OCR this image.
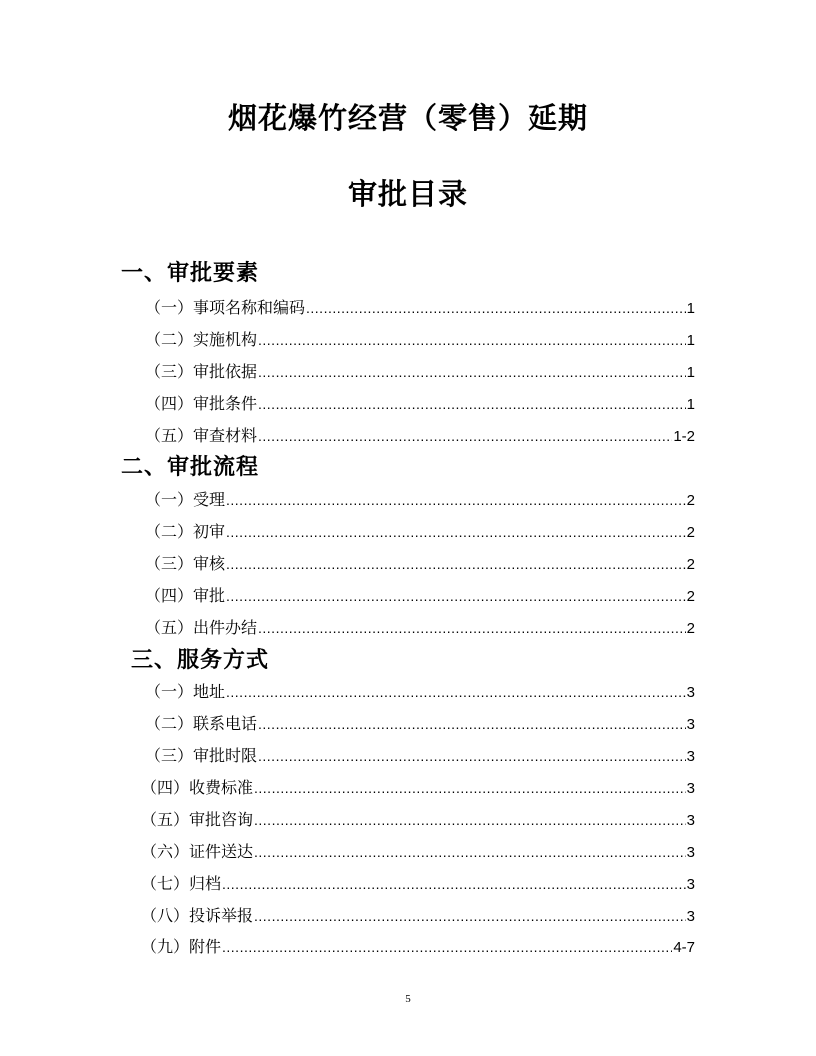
烟花爆竹经营（零售）延期
审批目录
一、审批要素
（一）事项名称和编码 .....	1
（二）实施机构 .....	1
（三）审批依据 .....	1
（四）审批条件 .....	1
（五）审查材料 .....	1-2
二、审批流程
（一）受理 .....	2
（二）初审 .....	2
（三）审核 .....	2
（四）审批 .....	2
（五）出件办结 .....	2
三、服务方式
（一）地址 .....	3
（二）联系电话 .....	3
（三）审批时限 .....	3
（四）收费标准 .....	3
（五）审批咨询 .....	3
（六）证件送达 .....	3
（七）归档 .....	3
（八）投诉举报 .....	3
（九）附件 .....	4-7
5
